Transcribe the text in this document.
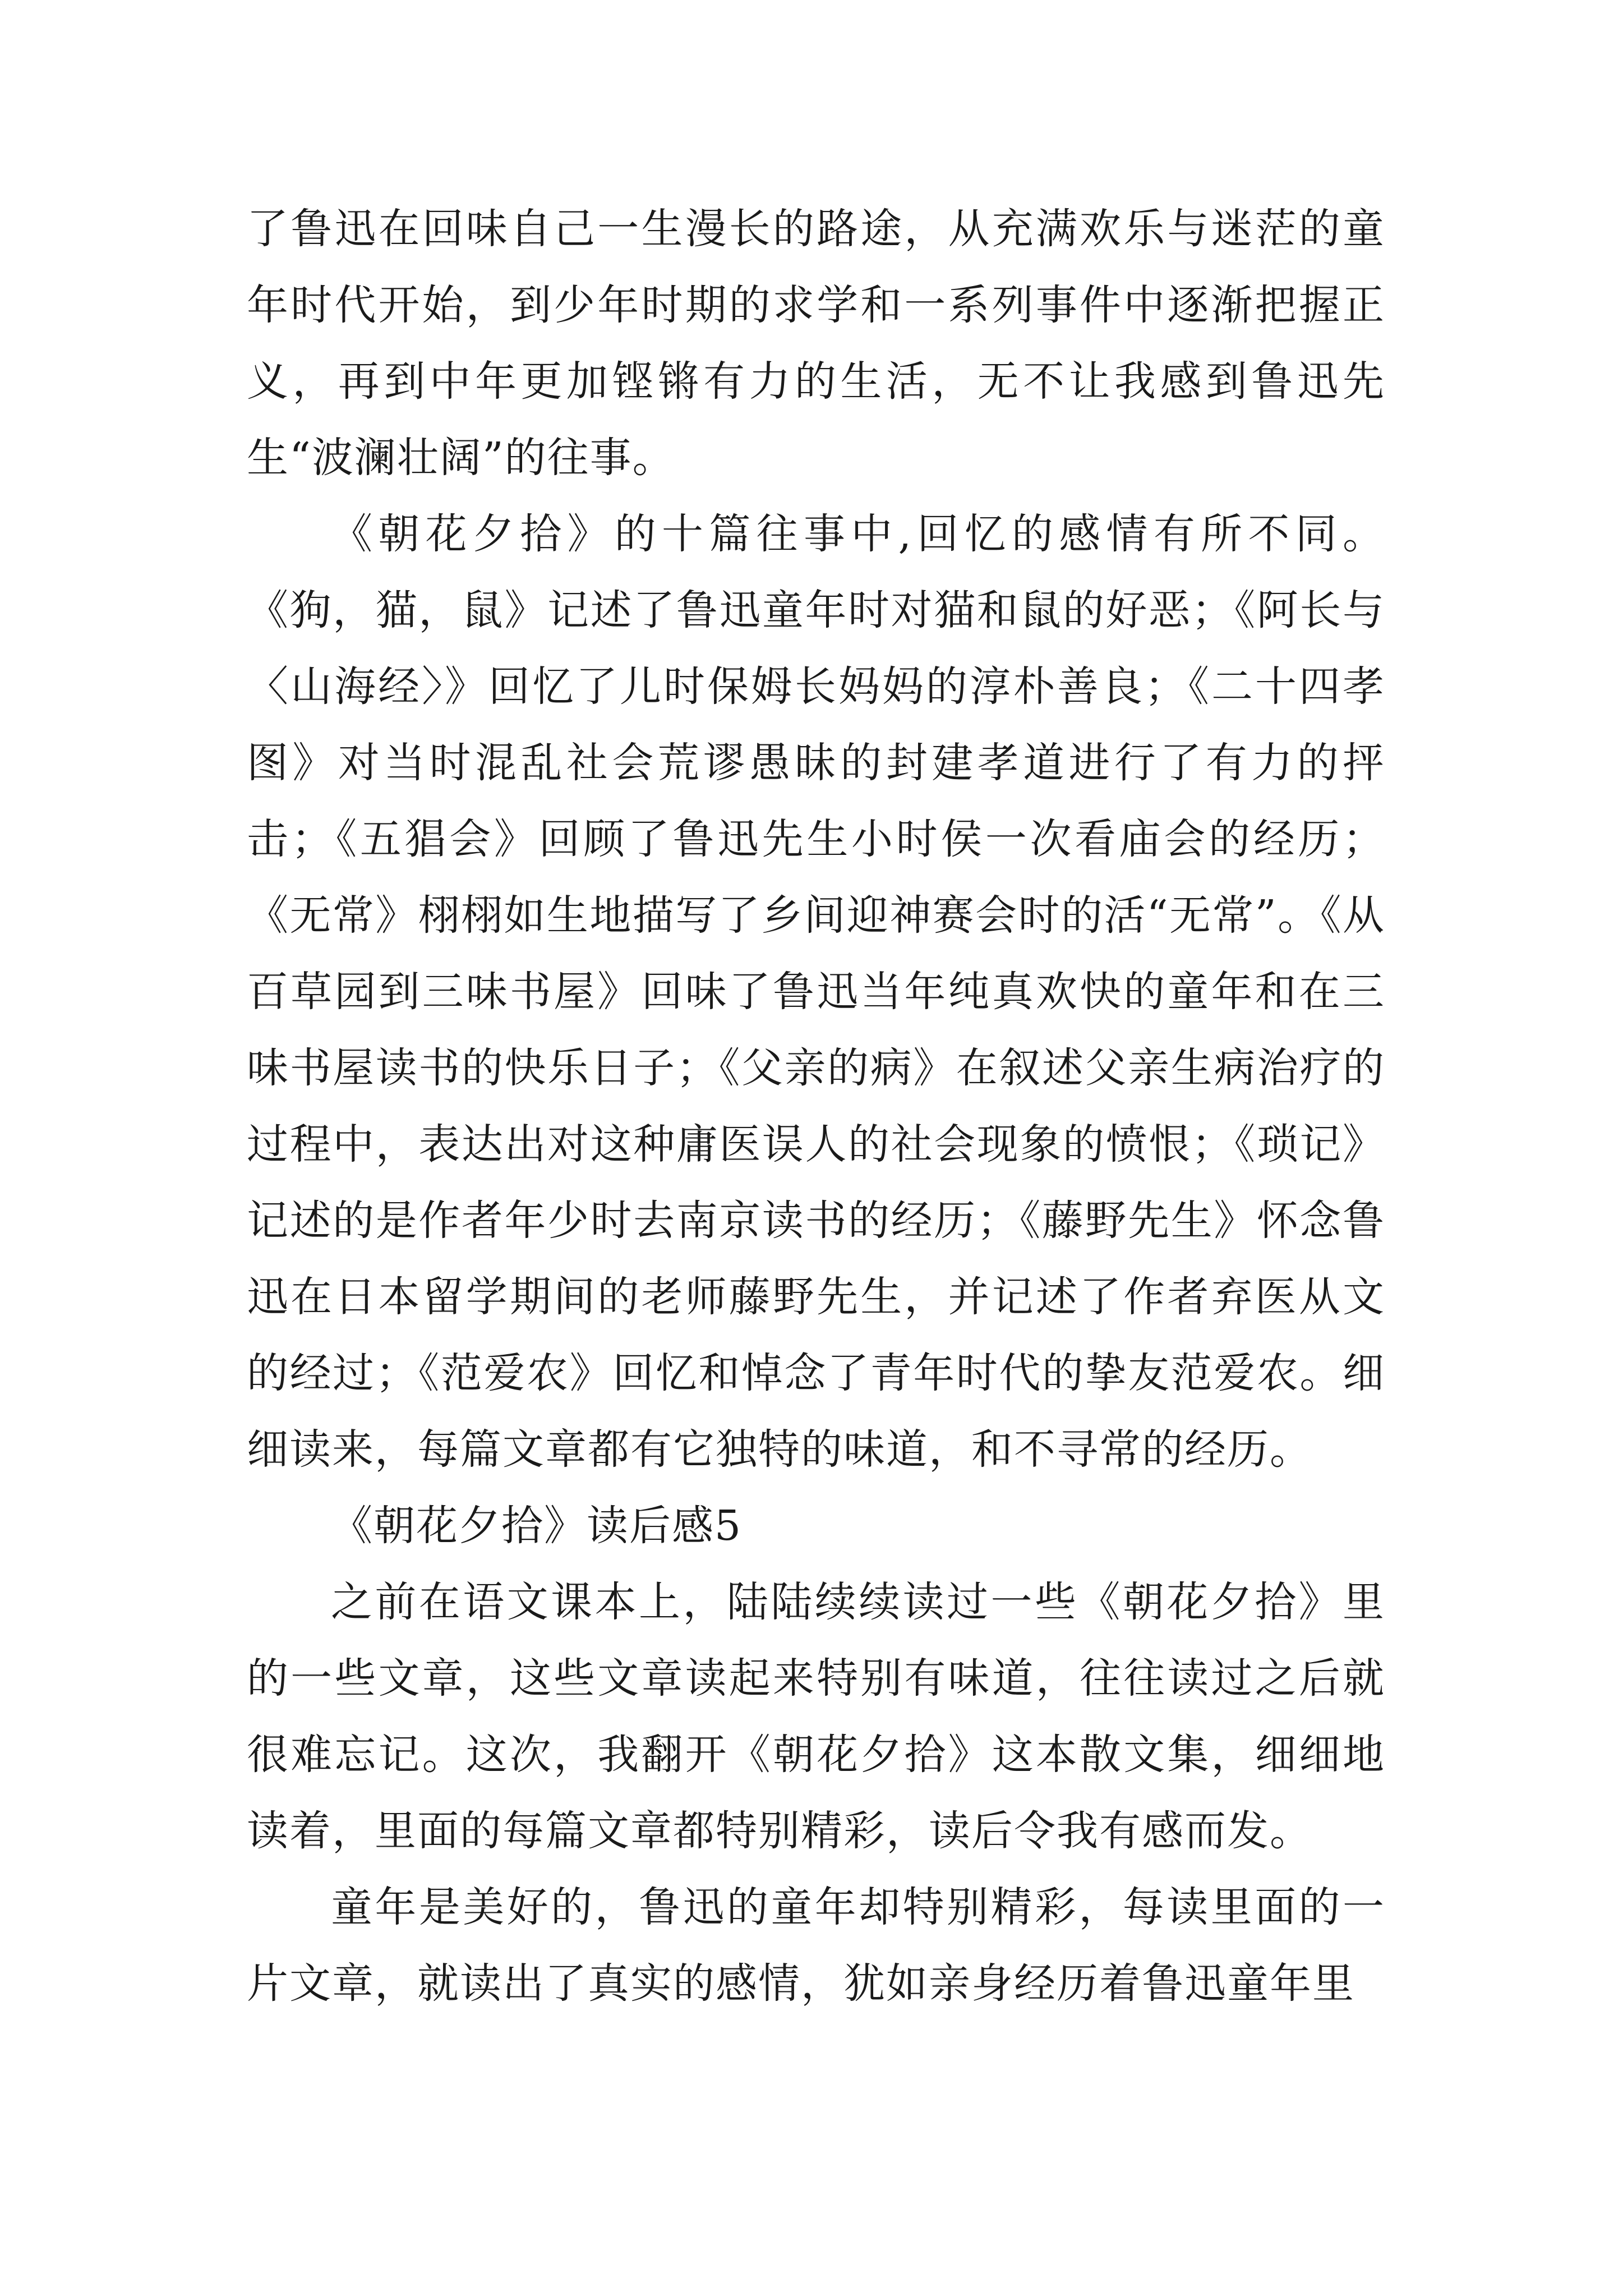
了鲁迅在回味自己一生漫长的路途，从充满欢乐与迷茫的童年时代开始，到少年时期的求学和一系列事件中逐渐把握正义，再到中年更加铿锵有力的生活，无不让我感到鲁迅先生“波澜壮阔”的往事。

《朝花夕拾》的十篇往事中,回忆的感情有所不同。《狗，猫，鼠》记述了鲁迅童年时对猫和鼠的好恶；《阿长与〈山海经〉》回忆了儿时保姆长妈妈的淳朴善良；《二十四孝图》对当时混乱社会荒谬愚昧的封建孝道进行了有力的抨击；《五猖会》回顾了鲁迅先生小时侯一次看庙会的经历；《无常》栩栩如生地描写了乡间迎神赛会时的活“无常”。《从百草园到三味书屋》回味了鲁迅当年纯真欢快的童年和在三味书屋读书的快乐日子；《父亲的病》在叙述父亲生病治疗的过程中，表达出对这种庸医误人的社会现象的愤恨；《琐记》记述的是作者年少时去南京读书的经历；《藤野先生》怀念鲁迅在日本留学期间的老师藤野先生，并记述了作者弃医从文的经过；《范爱农》回忆和悼念了青年时代的挚友范爱农。细细读来，每篇文章都有它独特的味道，和不寻常的经历。

《朝花夕拾》读后感5

之前在语文课本上，陆陆续续读过一些《朝花夕拾》里的一些文章，这些文章读起来特别有味道，往往读过之后就很难忘记。这次，我翻开《朝花夕拾》这本散文集，细细地读着，里面的每篇文章都特别精彩，读后令我有感而发。

童年是美好的，鲁迅的童年却特别精彩，每读里面的一片文章，就读出了真实的感情，犹如亲身经历着鲁迅童年里
